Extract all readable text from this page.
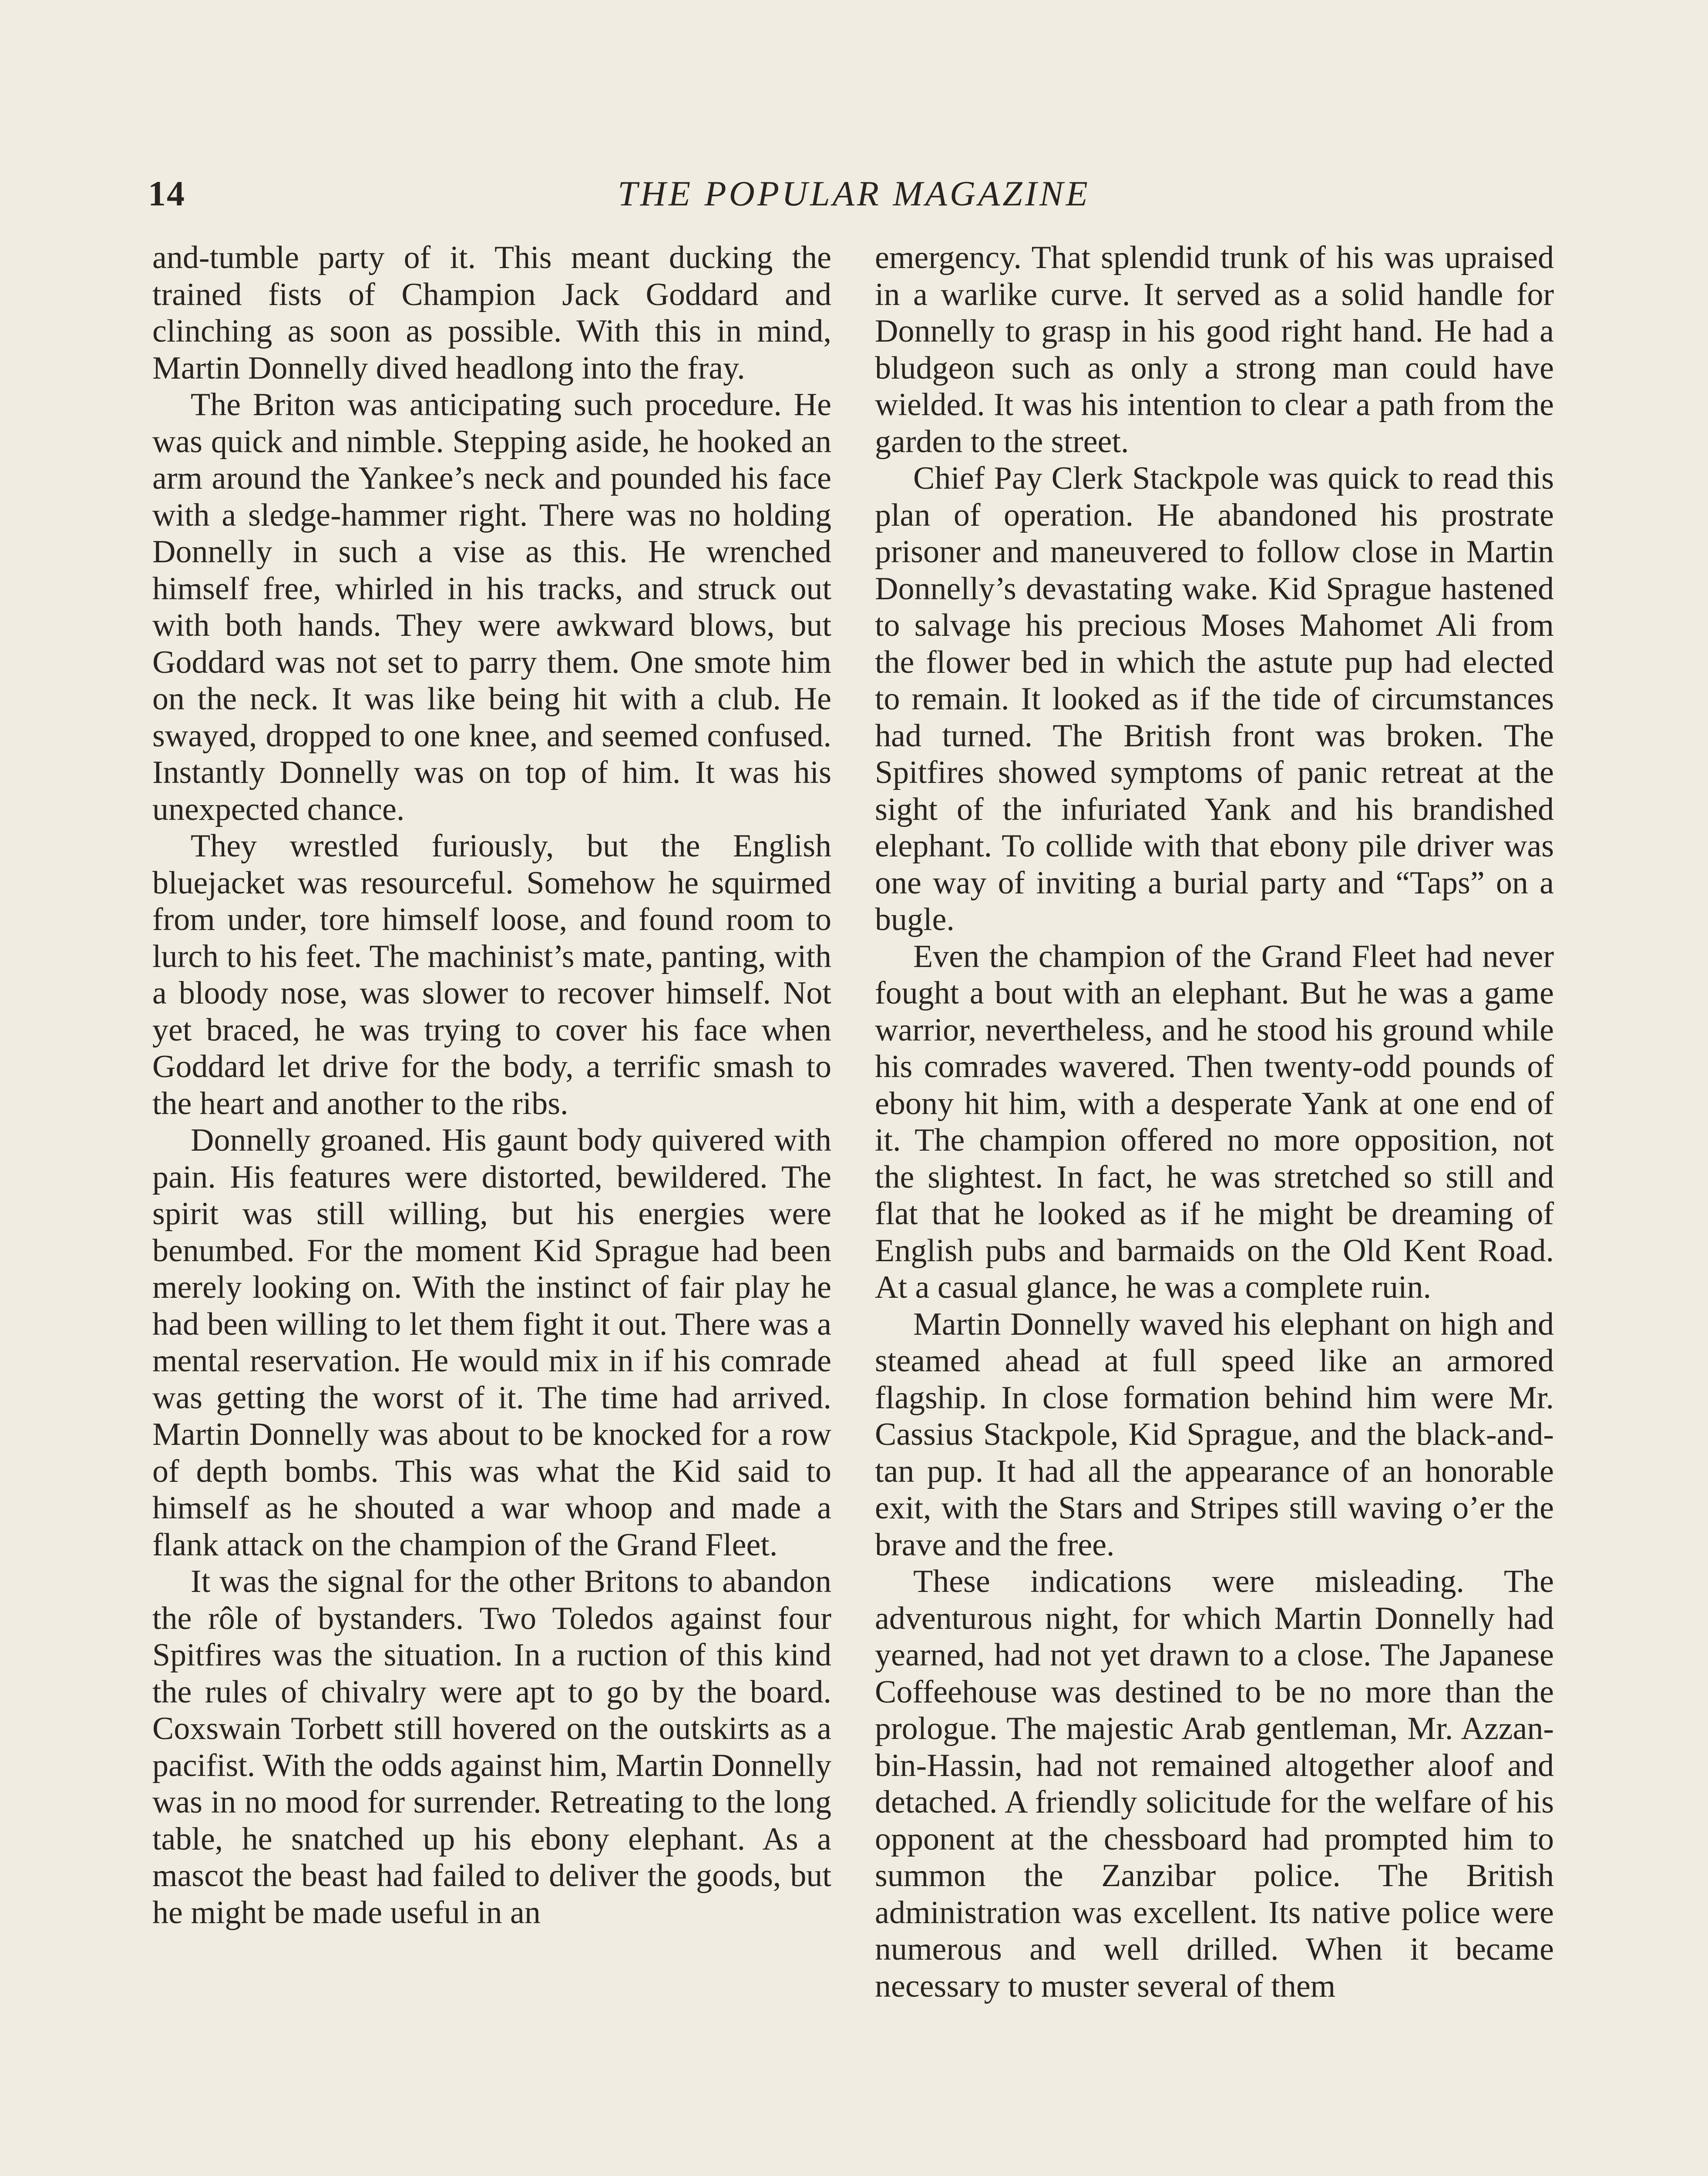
14	THE POPULAR MAGAZINE

and-tumble party of it. This meant ducking the trained fists of Champion Jack Goddard and clinching as soon as possible. With this in mind, Martin Donnelly dived headlong into the fray.

The Briton was anticipating such procedure. He was quick and nimble. Stepping aside, he hooked an arm around the Yankee’s neck and pounded his face with a sledge-hammer right. There was no holding Donnelly in such a vise as this. He wrenched himself free, whirled in his tracks, and struck out with both hands. They were awkward blows, but Goddard was not set to parry them. One smote him on the neck. It was like being hit with a club. He swayed, dropped to one knee, and seemed confused. Instantly Donnelly was on top of him. It was his unexpected chance.

They wrestled furiously, but the English bluejacket was resourceful. Somehow he squirmed from under, tore himself loose, and found room to lurch to his feet. The machinist’s mate, panting, with a bloody nose, was slower to recover himself. Not yet braced, he was trying to cover his face when Goddard let drive for the body, a terrific smash to the heart and another to the ribs.

Donnelly groaned. His gaunt body quivered with pain. His features were distorted, bewildered. The spirit was still willing, but his energies were benumbed. For the moment Kid Sprague had been merely looking on. With the instinct of fair play he had been willing to let them fight it out. There was a mental reservation. He would mix in if his comrade was getting the worst of it. The time had arrived. Martin Donnelly was about to be knocked for a row of depth bombs. This was what the Kid said to himself as he shouted a war whoop and made a flank attack on the champion of the Grand Fleet.

It was the signal for the other Britons to abandon the rôle of bystanders. Two Toledos against four Spitfires was the situation. In a ruction of this kind the rules of chivalry were apt to go by the board. Coxswain Torbett still hovered on the outskirts as a pacifist. With the odds against him, Martin Donnelly was in no mood for surrender. Retreating to the long table, he snatched up his ebony elephant. As a mascot the beast had failed to deliver the goods, but he might be made useful in an

emergency. That splendid trunk of his was upraised in a warlike curve. It served as a solid handle for Donnelly to grasp in his good right hand. He had a bludgeon such as only a strong man could have wielded. It was his intention to clear a path from the garden to the street.

Chief Pay Clerk Stackpole was quick to read this plan of operation. He abandoned his prostrate prisoner and maneuvered to follow close in Martin Donnelly’s devastating wake. Kid Sprague hastened to salvage his precious Moses Mahomet Ali from the flower bed in which the astute pup had elected to remain. It looked as if the tide of circumstances had turned. The British front was broken. The Spitfires showed symptoms of panic retreat at the sight of the infuriated Yank and his brandished elephant. To collide with that ebony pile driver was one way of inviting a burial party and “Taps” on a bugle.

Even the champion of the Grand Fleet had never fought a bout with an elephant. But he was a game warrior, nevertheless, and he stood his ground while his comrades wavered. Then twenty-odd pounds of ebony hit him, with a desperate Yank at one end of it. The champion offered no more opposition, not the slightest. In fact, he was stretched so still and flat that he looked as if he might be dreaming of English pubs and barmaids on the Old Kent Road. At a casual glance, he was a complete ruin.

Martin Donnelly waved his elephant on high and steamed ahead at full speed like an armored flagship. In close formation behind him were Mr. Cassius Stackpole, Kid Sprague, and the black-and-tan pup. It had all the appearance of an honorable exit, with the Stars and Stripes still waving o’er the brave and the free.

These indications were misleading. The adventurous night, for which Martin Donnelly had yearned, had not yet drawn to a close. The Japanese Coffeehouse was destined to be no more than the prologue. The majestic Arab gentleman, Mr. Azzan-bin-Hassin, had not remained altogether aloof and detached. A friendly solicitude for the welfare of his opponent at the chessboard had prompted him to summon the Zanzibar police. The British administration was excellent. Its native police were numerous and well drilled. When it became necessary to muster several of them
